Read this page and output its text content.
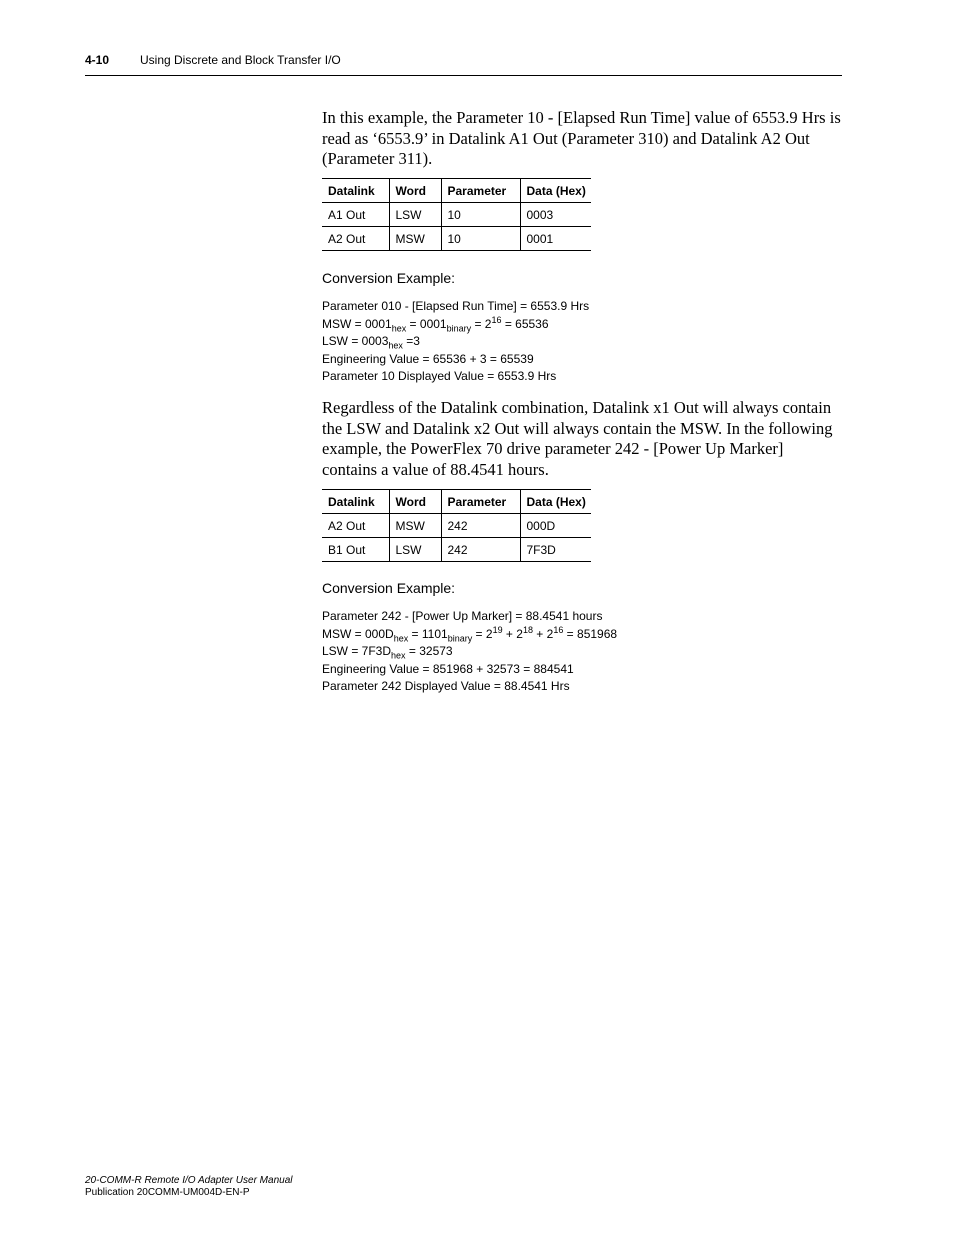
4-10	Using Discrete and Block Transfer I/O

In this example, the Parameter 10 - [Elapsed Run Time] value of 6553.9 Hrs is read as ‘6553.9’ in Datalink A1 Out (Parameter 310) and Datalink A2 Out (Parameter 311).

Datalink	Word	Parameter	Data (Hex)
A1 Out	LSW	10	0003
A2 Out	MSW	10	0001

Conversion Example:

Parameter 010 - [Elapsed Run Time] = 6553.9 Hrs
MSW = $0001_{hex} = 0001_{binary} = 2^{16} = 65536$
LSW = $0003_{hex} =3$
Engineering Value = 65536 + 3 = 65539
Parameter 10 Displayed Value = 6553.9 Hrs

Regardless of the Datalink combination, Datalink x1 Out will always contain the LSW and Datalink x2 Out will always contain the MSW. In the following example, the PowerFlex 70 drive parameter 242 - [Power Up Marker] contains a value of 88.4541 hours.

Datalink	Word	Parameter	Data (Hex)
A2 Out	MSW	242	000D
B1 Out	LSW	242	7F3D

Conversion Example:

Parameter 242 - [Power Up Marker] = 88.4541 hours
MSW = $000D_{hex} = 1101_{binary} = 2^{19} + 2^{18} + 2^{16} = 851968$
LSW = $7F3D_{hex} = 32573$
Engineering Value = 851968 + 32573 = 884541
Parameter 242 Displayed Value = 88.4541 Hrs
20-COMM-R Remote I/O Adapter User Manual
Publication 20COMM-UM004D-EN-P
